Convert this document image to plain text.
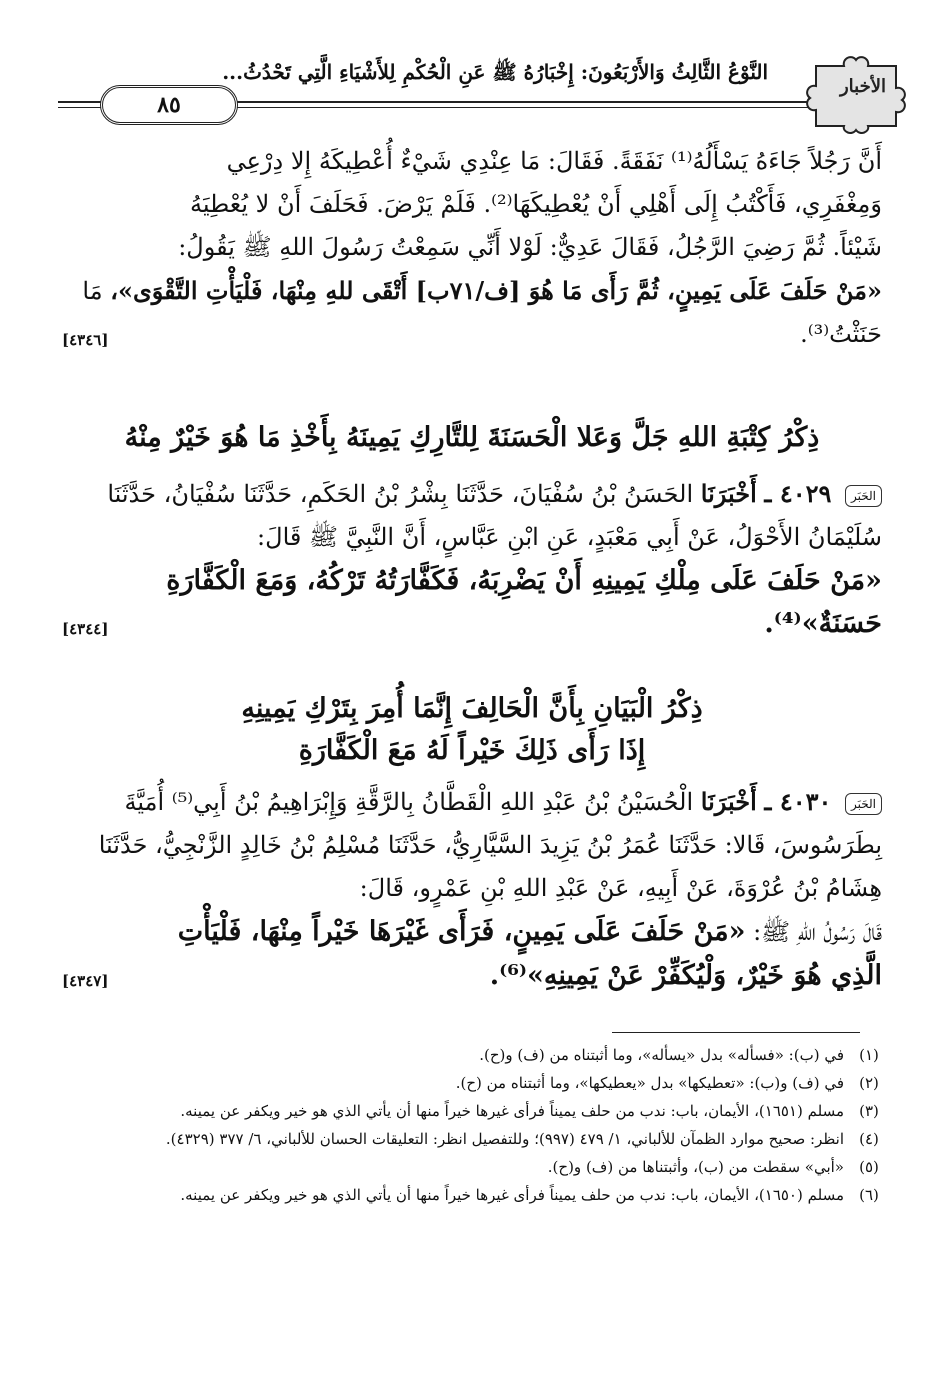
٨٥
النَّوْعُ الثَّالِثُ وَالأَرْبَعُونَ: إِخْبَارُهُ ﷺ عَنِ الْحُكْمِ لِلأَشْيَاءِ الَّتِي تَحْدُثُ...
الأخبار

أَنَّ رَجُلاً جَاءَهُ يَسْأَلُهُ⁽¹⁾ نَفَقَةً. فَقَالَ: مَا عِنْدِي شَيْءٌ أُعْطِيكَهُ إِلا دِرْعِي

وَمِغْفَرِي، فَأَكْتُبُ إِلَى أَهْلِي أَنْ يُعْطِيكَهَا⁽²⁾. فَلَمْ يَرْضَ. فَحَلَفَ أَنْ لا يُعْطِيَهُ

شَيْئاً. ثُمَّ رَضِيَ الرَّجُلُ، فَقَالَ عَدِيٌّ: لَوْلا أَنِّي سَمِعْتُ رَسُولَ اللهِ ﷺ يَقُولُ:

«مَنْ حَلَفَ عَلَى يَمِينٍ، ثُمَّ رَأَى مَا هُوَ [ف/٧١ب] أَتْقَى للهِ مِنْهَا، فَلْيَأْتِ التَّقْوَى»، مَا

حَنَثْتُ⁽³⁾.
[٤٣٤٦]

ذِكْرُ كِتْبَةِ اللهِ جَلَّ وَعَلا الْحَسَنَةَ لِلتَّارِكِ يَمِينَهُ بِأَخْذِ مَا هُوَ خَيْرٌ مِنْهُ

الحَبَر ٤٠٢٩ ـ أَخْبَرَنَا الحَسَنُ بْنُ سُفْيَانَ، حَدَّثَنَا بِشْرُ بْنُ الحَكَمِ، حَدَّثَنَا سُفْيَانُ، حَدَّثَنَا

سُلَيْمَانُ الأَحْوَلُ، عَنْ أَبِي مَعْبَدٍ، عَنِ ابْنِ عَبَّاسٍ، أَنَّ النَّبِيَّ ﷺ قَالَ:

«مَنْ حَلَفَ عَلَى مِلْكِ يَمِينِهِ أَنْ يَضْرِبَهُ، فَكَفَّارَتُهُ تَرْكُهُ، وَمَعَ الْكَفَّارَةِ

حَسَنَةٌ»⁽⁴⁾.
[٤٣٤٤]

ذِكْرُ الْبَيَانِ بِأَنَّ الْحَالِفَ إِنَّمَا أُمِرَ بِتَرْكِ يَمِينِهِ

إِذَا رَأَى ذَلِكَ خَيْراً لَهُ مَعَ الْكَفَّارَةِ

الحَبَر ٤٠٣٠ ـ أَخْبَرَنَا الْحُسَيْنُ بْنُ عَبْدِ اللهِ الْقَطَّانُ بِالرَّقَّةِ وَإِبْرَاهِيمُ بْنُ أَبِي⁽⁵⁾ أُمَيَّةَ

بِطَرَسُوسَ، قَالا: حَدَّثَنَا عُمَرُ بْنُ يَزِيدَ السَّيَّارِيُّ، حَدَّثَنَا مُسْلِمُ بْنُ خَالِدٍ الزَّنْجِيُّ، حَدَّثَنَا

هِشَامُ بْنُ عُرْوَةَ، عَنْ أَبِيهِ، عَنْ عَبْدِ اللهِ بْنِ عَمْرٍو، قَالَ:

قَالَ رَسُولُ اللهِ ﷺ: «مَنْ حَلَفَ عَلَى يَمِينٍ، فَرَأَى غَيْرَهَا خَيْراً مِنْهَا، فَلْيَأْتِ

الَّذِي هُوَ خَيْرٌ، وَلْيُكَفِّرْ عَنْ يَمِينِهِ»⁽⁶⁾.
[٤٣٤٧]

(١)
في (ب): «فسأله» بدل «يسأله»، وما أثبتناه من (ف) و(ح).
(٢)
في (ف) و(ب): «تعطيكها» بدل «يعطيكها»، وما أثبتناه من (ح).
(٣)
مسلم (١٦٥١)، الأيمان، باب: ندب من حلف يميناً فرأى غيرها خيراً منها أن يأتي الذي هو خير ويكفر عن يمينه.
(٤)
انظر: صحيح موارد الظمآن للألباني، ١/ ٤٧٩ (٩٩٧)؛ وللتفصيل انظر: التعليقات الحسان للألباني، ٦/ ٣٧٧ (٤٣٢٩).
(٥)
«أبي» سقطت من (ب)، وأثبتناها من (ف) و(ح).
(٦)
مسلم (١٦٥٠)، الأيمان، باب: ندب من حلف يميناً فرأى غيرها خيراً منها أن يأتي الذي هو خير ويكفر عن يمينه.
